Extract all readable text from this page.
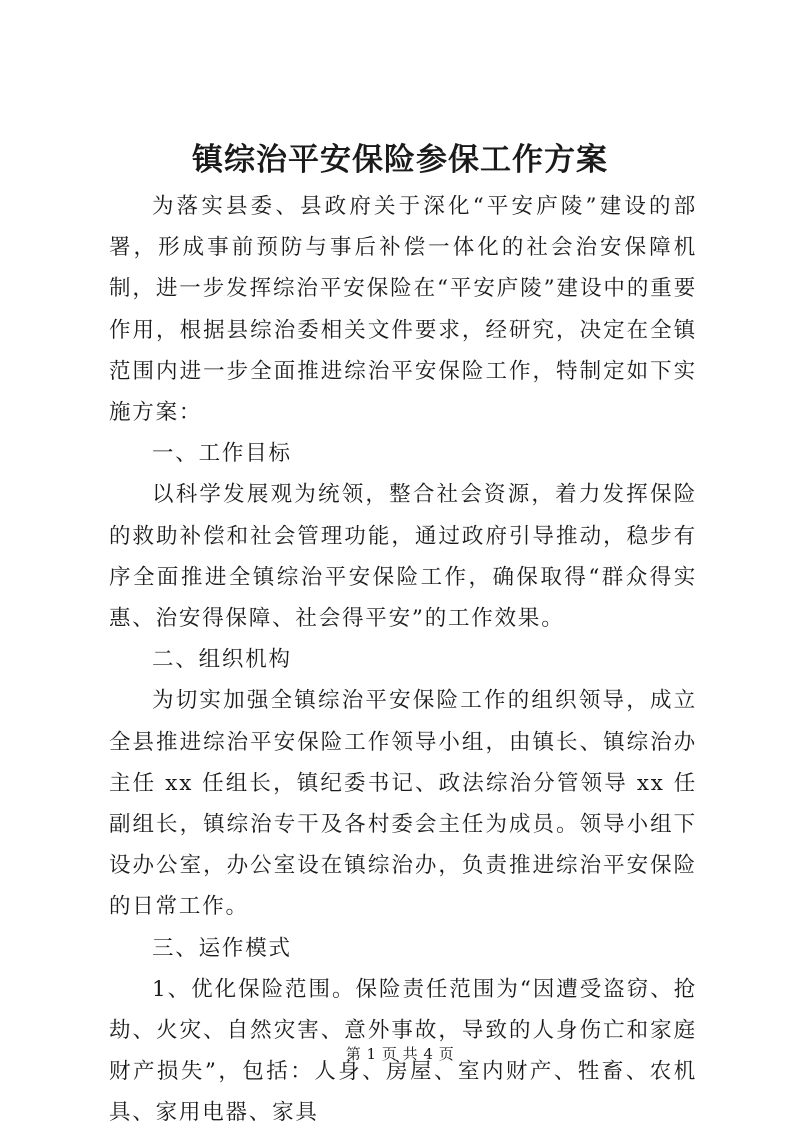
镇综治平安保险参保工作方案

为落实县委、县政府关于深化“平安庐陵”建设的部署，形成事前预防与事后补偿一体化的社会治安保障机制，进一步发挥综治平安保险在“平安庐陵”建设中的重要作用，根据县综治委相关文件要求，经研究，决定在全镇范围内进一步全面推进综治平安保险工作，特制定如下实施方案：

一、工作目标

以科学发展观为统领，整合社会资源，着力发挥保险的救助补偿和社会管理功能，通过政府引导推动，稳步有序全面推进全镇综治平安保险工作，确保取得“群众得实惠、治安得保障、社会得平安”的工作效果。

二、组织机构

为切实加强全镇综治平安保险工作的组织领导，成立全县推进综治平安保险工作领导小组，由镇长、镇综治办主任 xx 任组长，镇纪委书记、政法综治分管领导 xx 任副组长，镇综治专干及各村委会主任为成员。领导小组下设办公室，办公室设在镇综治办，负责推进综治平安保险的日常工作。

三、运作模式

1、优化保险范围。保险责任范围为“因遭受盗窃、抢劫、火灾、自然灾害、意外事故，导致的人身伤亡和家庭财产损失”，包括：人身、房屋、室内财产、牲畜、农机具、家用电器、家具

第 1 页 共 4 页
